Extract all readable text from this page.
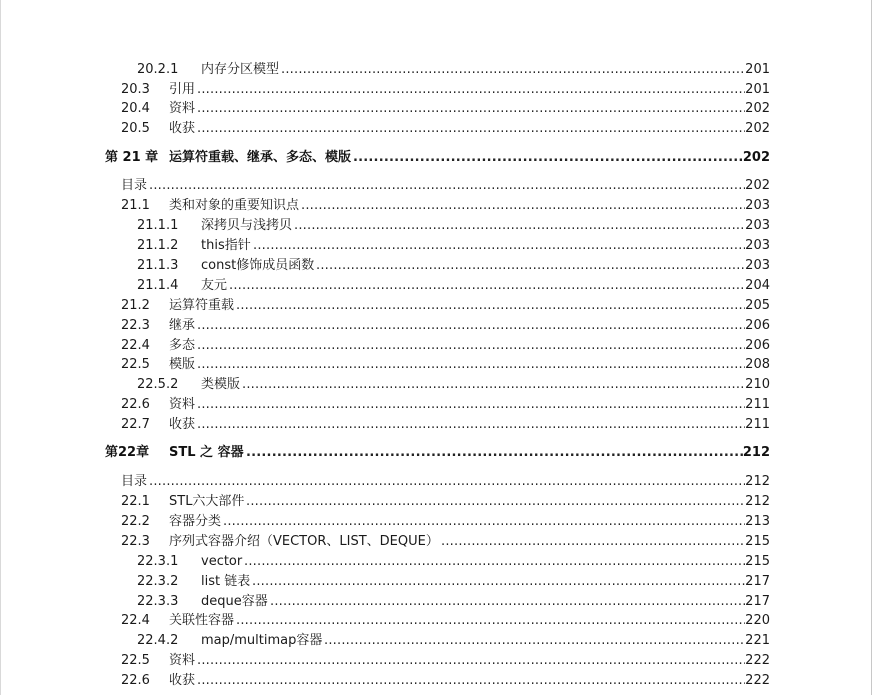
20.2.1 内存分区模型 .....	201
20.3 引用 .....	201
20.4 资料 .....	202
20.5 收获 .....	202
第 21 章 运算符重载、继承、多态、模版 .....	202
目录 .....	202
21.1 类和对象的重要知识点 .....	203
21.1.1 深拷贝与浅拷贝 .....	203
21.1.2 this指针 .....	203
21.1.3 const修饰成员函数 .....	203
21.1.4 友元 .....	204
21.2 运算符重载 .....	205
22.3 继承 .....	206
22.4 多态 .....	206
22.5 模版 .....	208
22.5.2 类模版 .....	210
22.6 资料 .....	211
22.7 收获 .....	211
第22章 STL 之 容器 .....	212
目录 .....	212
22.1 STL六大部件 .....	212
22.2 容器分类 .....	213
22.3 序列式容器介绍（VECTOR、LIST、DEQUE） .....	215
22.3.1 vector .....	215
22.3.2 list 链表 .....	217
22.3.3 deque容器 .....	217
22.4 关联性容器 .....	220
22.4.2 map/multimap容器 .....	221
22.5 资料 .....	222
22.6 收获 .....	222
